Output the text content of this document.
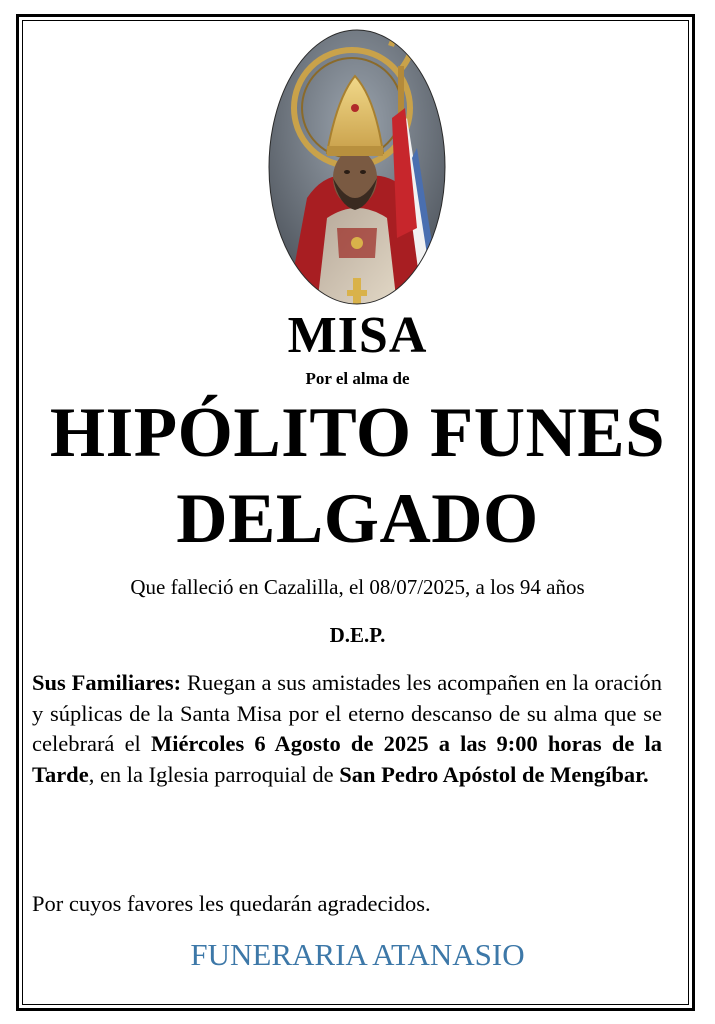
MISA
Por el alma de
HIPÓLITO FUNES
DELGADO
Que falleció en Cazalilla, el 08/07/2025, a los 94 años
D.E.P.
Sus Familiares: Ruegan a sus amistades les acompañen en la oración y súplicas de la Santa Misa por el eterno descanso de su alma que se celebrará el Miércoles 6 Agosto de 2025 a las 9:00 horas de la Tarde, en la Iglesia parroquial de San Pedro Apóstol de Mengíbar.
Por cuyos favores les quedarán agradecidos.
FUNERARIA ATANASIO
